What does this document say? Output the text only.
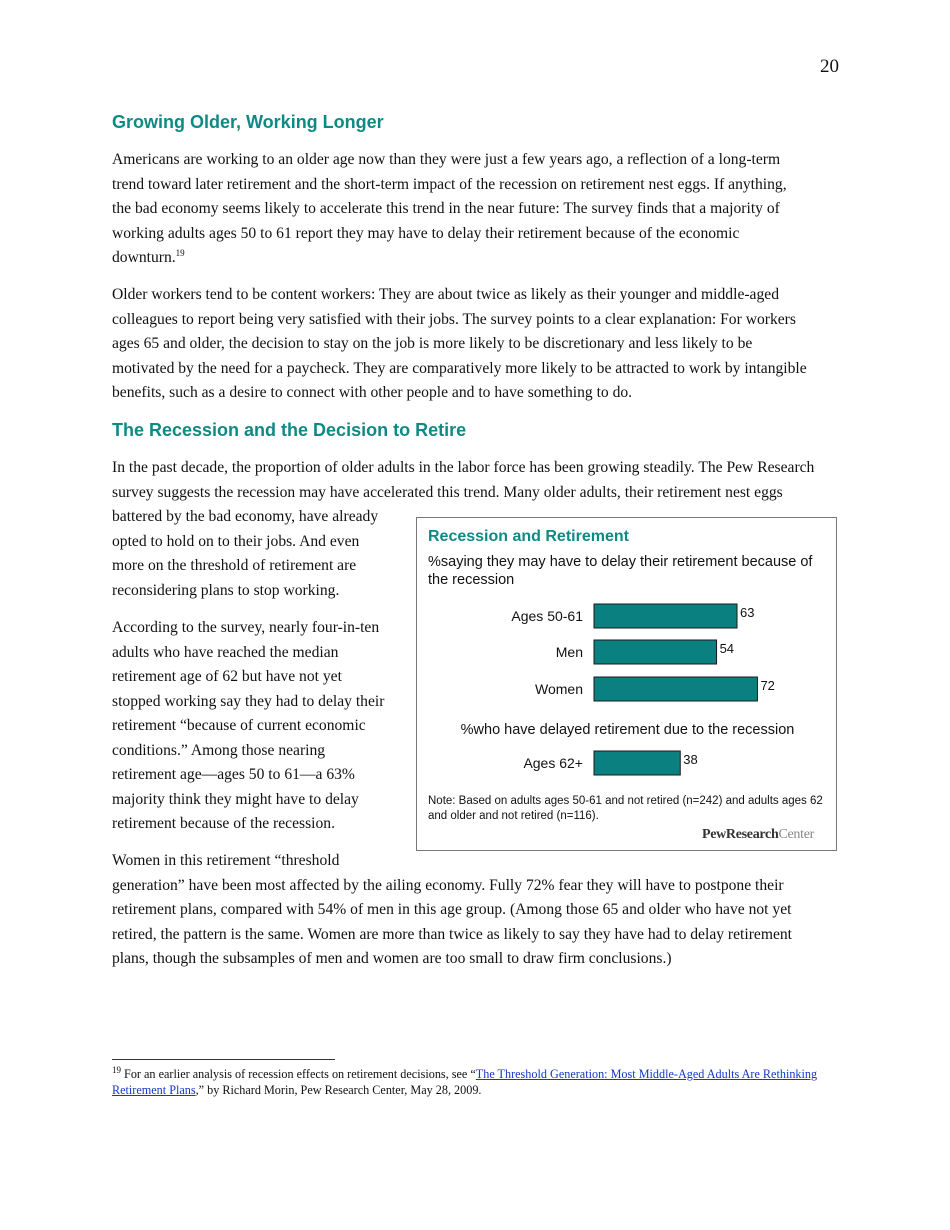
20
Growing Older, Working Longer

Americans are working to an older age now than they were just a few years ago, a reflection of a long-term
trend toward later retirement and the short-term impact of the recession on retirement nest eggs. If anything,
the bad economy seems likely to accelerate this trend in the near future: The survey finds that a majority of
working adults ages 50 to 61 report they may have to delay their retirement because of the economic
downturn.$^{19}$

Older workers tend to be content workers: They are about twice as likely as their younger and middle-aged
colleagues to report being very satisfied with their jobs. The survey points to a clear explanation: For workers
ages 65 and older, the decision to stay on the job is more likely to be discretionary and less likely to be
motivated by the need for a paycheck. They are comparatively more likely to be attracted to work by intangible
benefits, such as a desire to connect with other people and to have something to do.

The Recession and the Decision to Retire

In the past decade, the proportion of older adults in the labor force has been growing steadily. The Pew Research
survey suggests the recession may have accelerated this trend. Many older adults, their retirement nest eggs
battered by the bad economy, have already
opted to hold on to their jobs. And even
more on the threshold of retirement are
reconsidering plans to stop working.

According to the survey, nearly four-in-ten
adults who have reached the median
retirement age of 62 but have not yet
stopped working say they had to delay their
retirement “because of current economic
conditions.” Among those nearing
retirement age—ages 50 to 61—a 63%
majority think they might have to delay
retirement because of the recession.

Women in this retirement “threshold
generation” have been most affected by the ailing economy. Fully 72% fear they will have to postpone their
retirement plans, compared with 54% of men in this age group. (Among those 65 and older who have not yet
retired, the pattern is the same. Women are more than twice as likely to say they have had to delay retirement
plans, though the subsamples of men and women are too small to draw firm conclusions.)

Ages 50-61	63
Men	54
Women	72
Ages 62+	38
Recession and Retirement
%saying they may have to delay their retirement because of the recession
%who have delayed retirement due to the recession
Note: Based on adults ages 50-61 and not retired (n=242) and adults ages 62 and older and not retired (n=116).
PewResearchCenter

$^{19}$ For an earlier analysis of recession effects on retirement decisions, see “The Threshold Generation: Most Middle-Aged Adults Are Rethinking Retirement Plans,” by Richard Morin, Pew Research Center, May 28, 2009.
